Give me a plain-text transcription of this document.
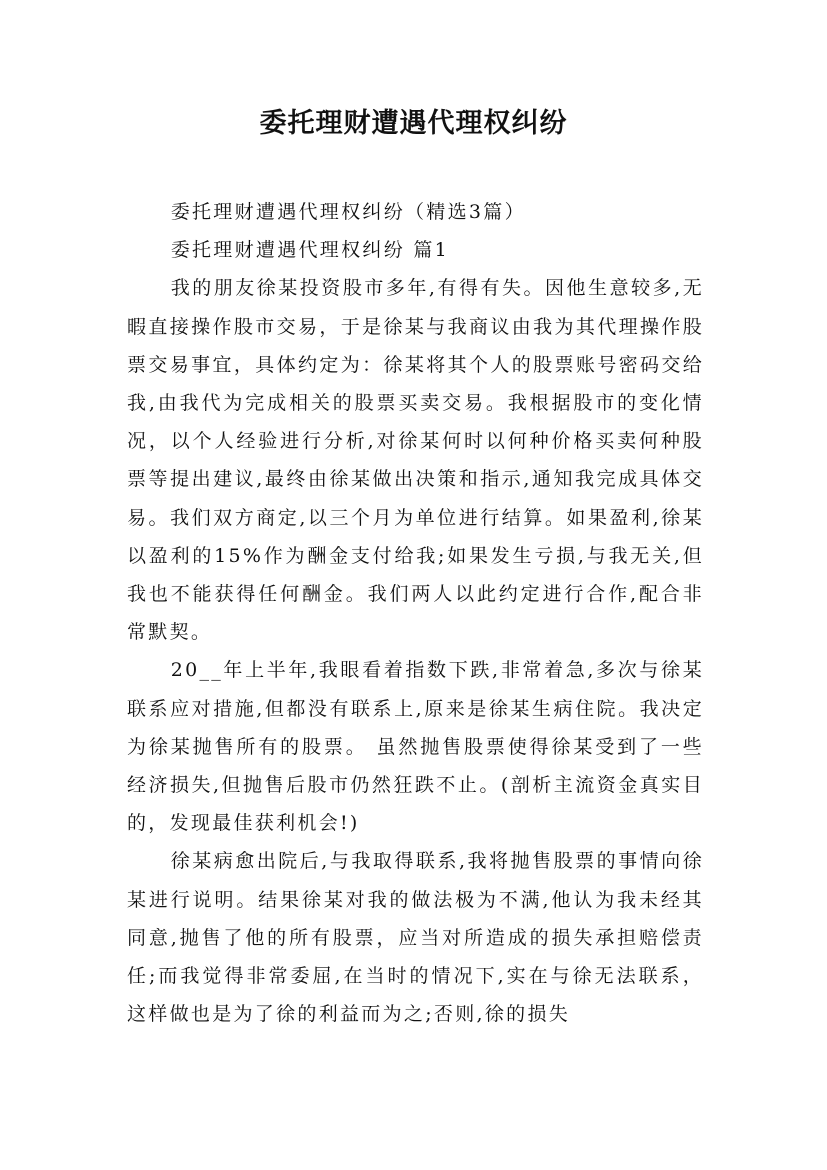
委托理财遭遇代理权纠纷

委托理财遭遇代理权纠纷（精选3篇）

委托理财遭遇代理权纠纷 篇1

我的朋友徐某投资股市多年,有得有失。因他生意较多,无暇直接操作股市交易，于是徐某与我商议由我为其代理操作股票交易事宜，具体约定为：徐某将其个人的股票账号密码交给我,由我代为完成相关的股票买卖交易。我根据股市的变化情况，以个人经验进行分析,对徐某何时以何种价格买卖何种股票等提出建议,最终由徐某做出决策和指示,通知我完成具体交易。我们双方商定,以三个月为单位进行结算。如果盈利,徐某以盈利的15%作为酬金支付给我;如果发生亏损,与我无关,但我也不能获得任何酬金。我们两人以此约定进行合作,配合非常默契。

20__年上半年,我眼看着指数下跌,非常着急,多次与徐某联系应对措施,但都没有联系上,原来是徐某生病住院。我决定为徐某抛售所有的股票。 虽然抛售股票使得徐某受到了一些经济损失,但抛售后股市仍然狂跌不止。(剖析主流资金真实目的，发现最佳获利机会!)

徐某病愈出院后,与我取得联系,我将抛售股票的事情向徐某进行说明。结果徐某对我的做法极为不满,他认为我未经其同意,抛售了他的所有股票，应当对所造成的损失承担赔偿责任;而我觉得非常委屈,在当时的情况下,实在与徐无法联系，这样做也是为了徐的利益而为之;否则,徐的损失
